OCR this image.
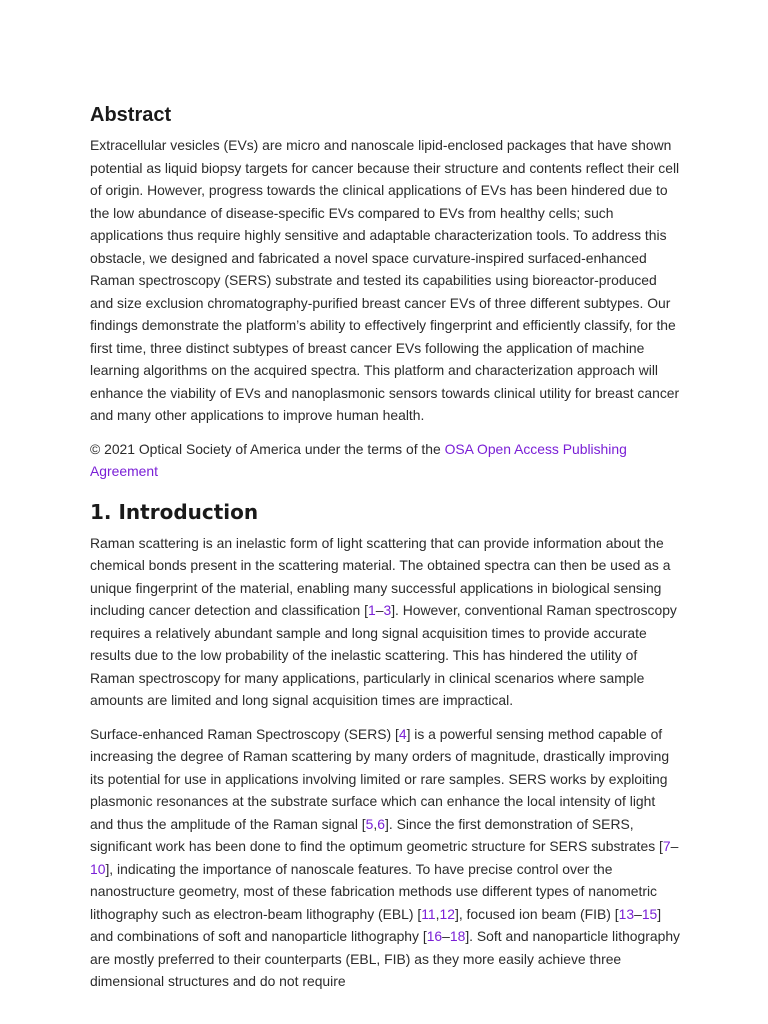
Abstract

Extracellular vesicles (EVs) are micro and nanoscale lipid-enclosed packages that have shown potential as liquid biopsy targets for cancer because their structure and contents reflect their cell of origin. However, progress towards the clinical applications of EVs has been hindered due to the low abundance of disease-specific EVs compared to EVs from healthy cells; such applications thus require highly sensitive and adaptable characterization tools. To address this obstacle, we designed and fabricated a novel space curvature-inspired surfaced-enhanced Raman spectroscopy (SERS) substrate and tested its capabilities using bioreactor-produced and size exclusion chromatography-purified breast cancer EVs of three different subtypes. Our findings demonstrate the platform’s ability to effectively fingerprint and efficiently classify, for the first time, three distinct subtypes of breast cancer EVs following the application of machine learning algorithms on the acquired spectra. This platform and characterization approach will enhance the viability of EVs and nanoplasmonic sensors towards clinical utility for breast cancer and many other applications to improve human health.

© 2021 Optical Society of America under the terms of the OSA Open Access Publishing Agreement

1. Introduction

Raman scattering is an inelastic form of light scattering that can provide information about the chemical bonds present in the scattering material. The obtained spectra can then be used as a unique fingerprint of the material, enabling many successful applications in biological sensing including cancer detection and classification [1–3]. However, conventional Raman spectroscopy requires a relatively abundant sample and long signal acquisition times to provide accurate results due to the low probability of the inelastic scattering. This has hindered the utility of Raman spectroscopy for many applications, particularly in clinical scenarios where sample amounts are limited and long signal acquisition times are impractical.

Surface-enhanced Raman Spectroscopy (SERS) [4] is a powerful sensing method capable of increasing the degree of Raman scattering by many orders of magnitude, drastically improving its potential for use in applications involving limited or rare samples. SERS works by exploiting plasmonic resonances at the substrate surface which can enhance the local intensity of light and thus the amplitude of the Raman signal [5,6]. Since the first demonstration of SERS, significant work has been done to find the optimum geometric structure for SERS substrates [7–10], indicating the importance of nanoscale features. To have precise control over the nanostructure geometry, most of these fabrication methods use different types of nanometric lithography such as electron-beam lithography (EBL) [11,12], focused ion beam (FIB) [13–15] and combinations of soft and nanoparticle lithography [16–18]. Soft and nanoparticle lithography are mostly preferred to their counterparts (EBL, FIB) as they more easily achieve three dimensional structures and do not require
